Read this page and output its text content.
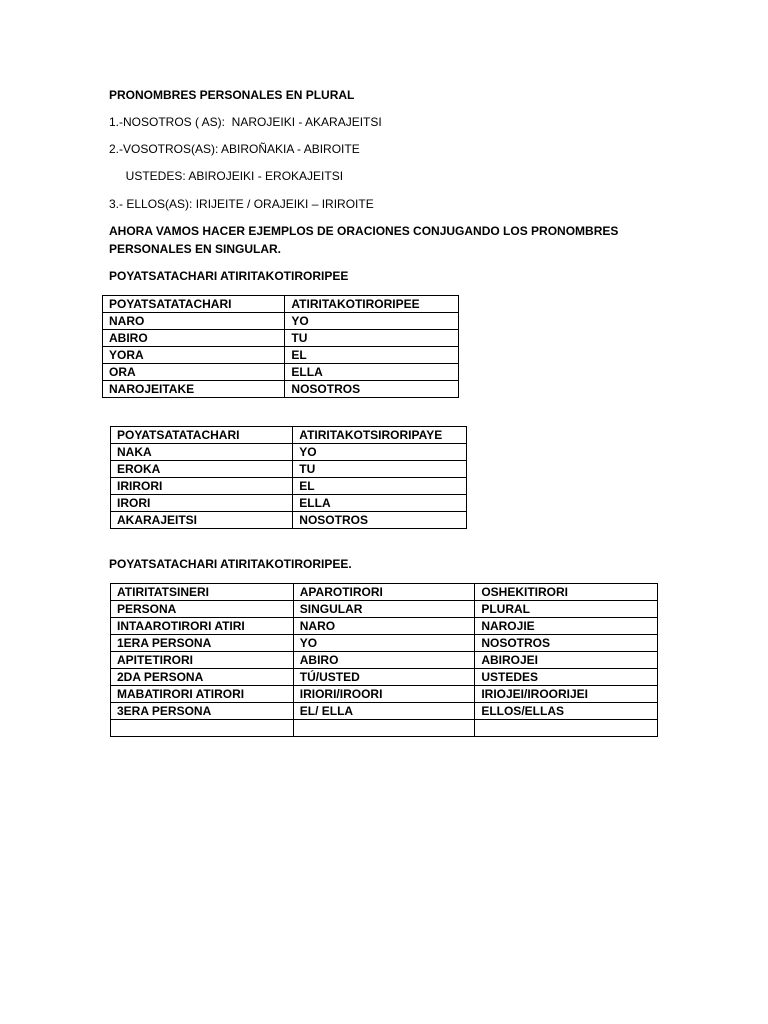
PRONOMBRES PERSONALES EN PLURAL
1.-NOSOTROS ( AS):  NAROJEIKI - AKARAJEITSI
2.-VOSOTROS(AS): ABIROÑAKIA - ABIROITE
USTEDES: ABIROJEIKI - EROKAJEITSI
3.- ELLOS(AS): IRIJEITE / ORAJEIKI – IRIROITE
AHORA VAMOS HACER EJEMPLOS DE ORACIONES CONJUGANDO LOS PRONOMBRES
PERSONALES EN SINGULAR.
POYATSATACHARI ATIRITAKOTIRORIPEE
POYATSATATACHARI	ATIRITAKOTIRORIPEE
NARO	YO
ABIRO	TU
YORA	EL
ORA	ELLA
NAROJEITAKE	NOSOTROS
POYATSATATACHARI	ATIRITAKOTSIRORIPAYE
NAKA	YO
EROKA	TU
IRIRORI	EL
IRORI	ELLA
AKARAJEITSI	NOSOTROS
POYATSATACHARI ATIRITAKOTIRORIPEE.
ATIRITATSINERI	APAROTIRORI	OSHEKITIRORI
PERSONA	SINGULAR	PLURAL
INTAAROTIRORI ATIRI	NARO	NAROJIE
1ERA PERSONA	YO	NOSOTROS
APITETIRORI	ABIRO	ABIROJEI
2DA PERSONA	TÚ/USTED	USTEDES
MABATIRORI ATIRORI	IRIORI/IROORI	IRIOJEI/IROORIJEI
3ERA PERSONA	EL/ ELLA	ELLOS/ELLAS
